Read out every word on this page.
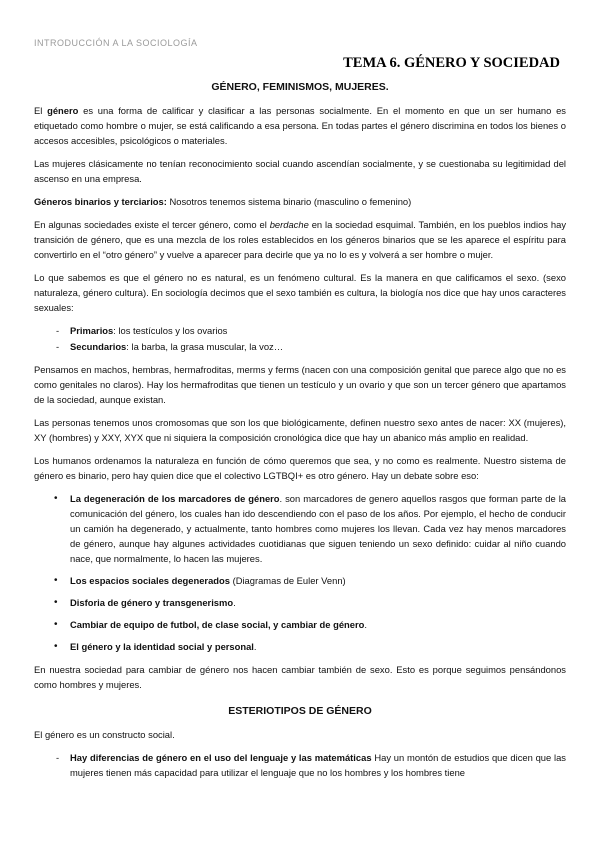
INTRODUCCIÓN A LA SOCIOLOGÍA
TEMA 6. GÉNERO Y SOCIEDAD
GÉNERO, FEMINISMOS, MUJERES.

El género es una forma de calificar y clasificar a las personas socialmente. En el momento en que un ser humano es etiquetado como hombre o mujer, se está calificando a esa persona. En todas partes el género discrimina en todos los bienes o accesos accesibles, psicológicos o materiales.

Las mujeres clásicamente no tenían reconocimiento social cuando ascendían socialmente, y se cuestionaba su legitimidad del ascenso en una empresa.

Géneros binarios y terciarios: Nosotros tenemos sistema binario (masculino o femenino)

En algunas sociedades existe el tercer género, como el berdache en la sociedad esquimal. También, en los pueblos indios hay transición de género, que es una mezcla de los roles establecidos en los géneros binarios que se les aparece el espíritu para convertirlo en el “otro género” y vuelve a aparecer para decirle que ya no lo es y volverá a ser hombre o mujer.

Lo que sabemos es que el género no es natural, es un fenómeno cultural. Es la manera en que calificamos el sexo. (sexo naturaleza, género cultura). En sociología decimos que el sexo también es cultura, la biología nos dice que hay unos caracteres sexuales:

- Primarios: los testículos y los ovarios
- Secundarios: la barba, la grasa muscular, la voz…

Pensamos en machos, hembras, hermafroditas, merms y ferms (nacen con una composición genital que parece algo que no es como genitales no claros). Hay los hermafroditas que tienen un testículo y un ovario y que son un tercer género que apartamos de la sociedad, aunque existan.

Las personas tenemos unos cromosomas que son los que biológicamente, definen nuestro sexo antes de nacer: XX (mujeres), XY (hombres) y XXY, XYX que ni siquiera la composición cronológica dice que hay un abanico más amplio en realidad.

Los humanos ordenamos la naturaleza en función de cómo queremos que sea, y no como es realmente. Nuestro sistema de género es binario, pero hay quien dice que el colectivo LGTBQI+ es otro género. Hay un debate sobre eso:

• La degeneración de los marcadores de género. son marcadores de genero aquellos rasgos que forman parte de la comunicación del género, los cuales han ido descendiendo con el paso de los años. Por ejemplo, el hecho de conducir un camión ha degenerado, y actualmente, tanto hombres como mujeres los llevan. Cada vez hay menos marcadores de género, aunque hay algunes actividades cuotidianas que siguen teniendo un sexo definido: cuidar al niño cuando nace, que normalmente, lo hacen las mujeres.
• Los espacios sociales degenerados (Diagramas de Euler Venn)
• Disforia de género y transgenerismo.
• Cambiar de equipo de futbol, de clase social, y cambiar de género.
• El género y la identidad social y personal.

En nuestra sociedad para cambiar de género nos hacen cambiar también de sexo. Esto es porque seguimos pensándonos como hombres y mujeres.

ESTERIOTIPOS DE GÉNERO

El género es un constructo social.

- Hay diferencias de género en el uso del lenguaje y las matemáticas Hay un montón de estudios que dicen que las mujeres tienen más capacidad para utilizar el lenguaje que no los hombres y los hombres tiene
